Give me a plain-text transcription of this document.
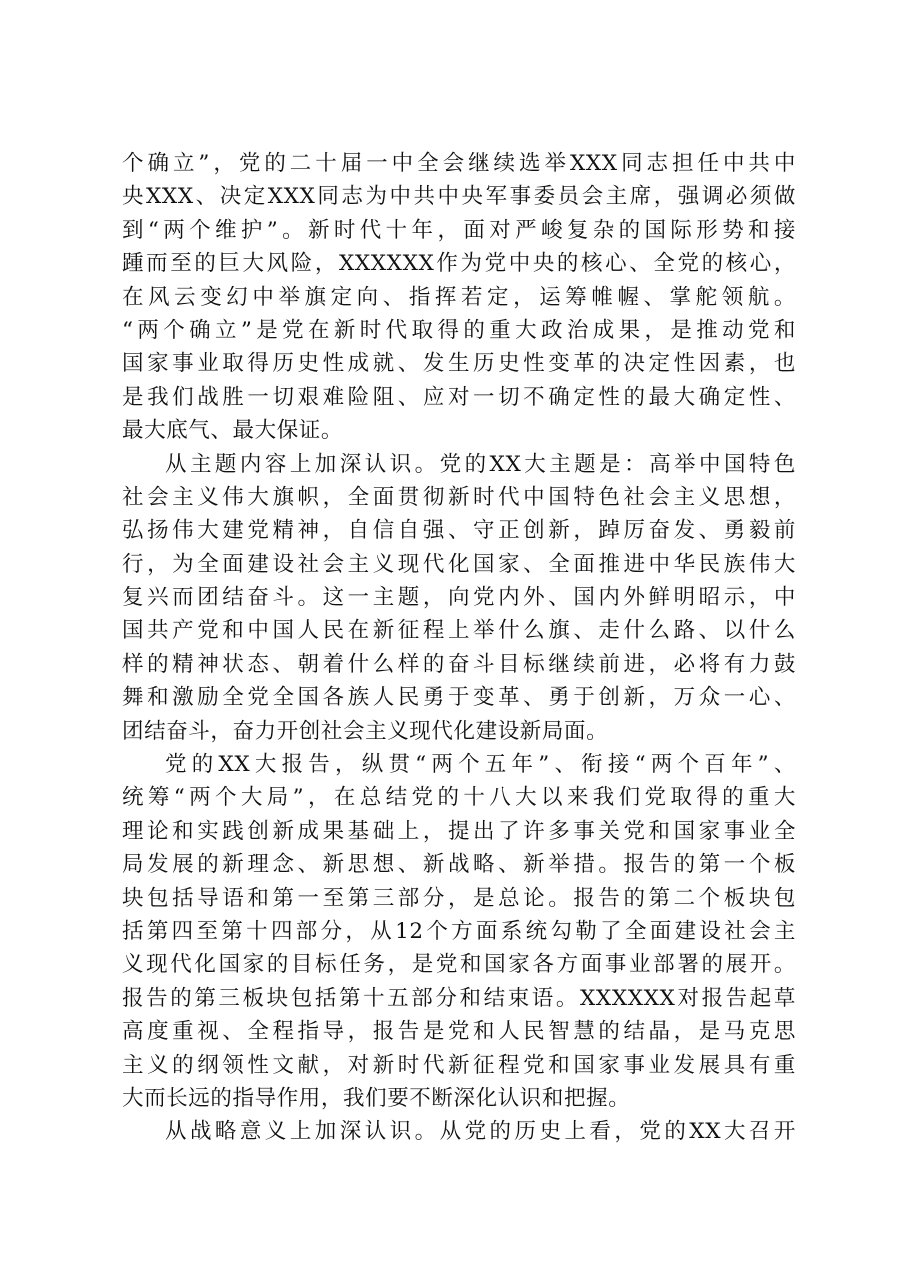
个确立”，党的二十届一中全会继续选举XXX同志担任中共中
央XXX、决定XXX同志为中共中央军事委员会主席，强调必须做
到“两个维护”。新时代十年，面对严峻复杂的国际形势和接
踵而至的巨大风险，XXXXXX作为党中央的核心、全党的核心，
在风云变幻中举旗定向、指挥若定，运筹帷幄、掌舵领航。
“两个确立”是党在新时代取得的重大政治成果，是推动党和
国家事业取得历史性成就、发生历史性变革的决定性因素，也
是我们战胜一切艰难险阻、应对一切不确定性的最大确定性、
最大底气、最大保证。
从主题内容上加深认识。党的XX大主题是：高举中国特色
社会主义伟大旗帜，全面贯彻新时代中国特色社会主义思想，
弘扬伟大建党精神，自信自强、守正创新，踔厉奋发、勇毅前
行，为全面建设社会主义现代化国家、全面推进中华民族伟大
复兴而团结奋斗。这一主题，向党内外、国内外鲜明昭示，中
国共产党和中国人民在新征程上举什么旗、走什么路、以什么
样的精神状态、朝着什么样的奋斗目标继续前进，必将有力鼓
舞和激励全党全国各族人民勇于变革、勇于创新，万众一心、
团结奋斗，奋力开创社会主义现代化建设新局面。
党的XX大报告，纵贯“两个五年”、衔接“两个百年”、
统筹“两个大局”，在总结党的十八大以来我们党取得的重大
理论和实践创新成果基础上，提出了许多事关党和国家事业全
局发展的新理念、新思想、新战略、新举措。报告的第一个板
块包括导语和第一至第三部分，是总论。报告的第二个板块包
括第四至第十四部分，从12个方面系统勾勒了全面建设社会主
义现代化国家的目标任务，是党和国家各方面事业部署的展开。
报告的第三板块包括第十五部分和结束语。XXXXXX对报告起草
高度重视、全程指导，报告是党和人民智慧的结晶，是马克思
主义的纲领性文献，对新时代新征程党和国家事业发展具有重
大而长远的指导作用，我们要不断深化认识和把握。
从战略意义上加深认识。从党的历史上看，党的XX大召开
